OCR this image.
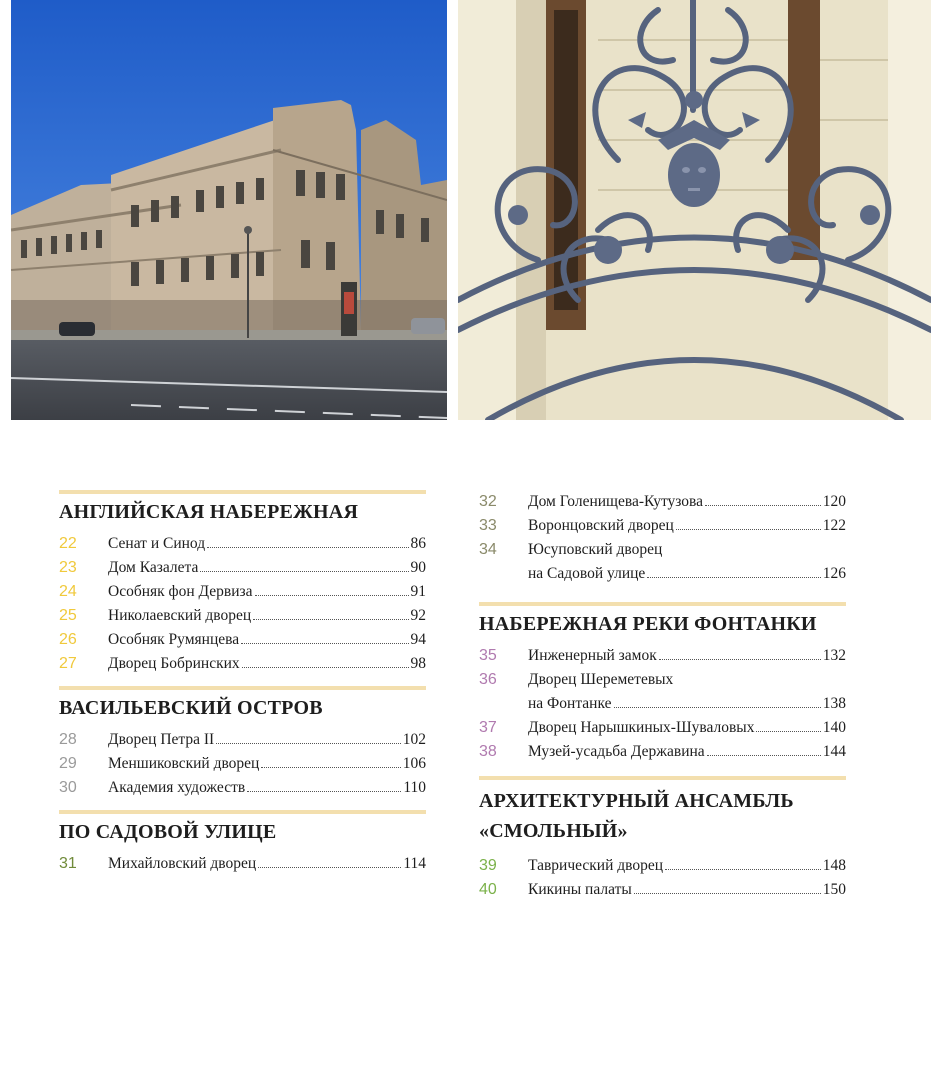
АНГЛИЙСКАЯ НАБЕРЕЖНАЯ
22	Сенат и Синод	86
23	Дом Казалета	90
24	Особняк фон Дервиза	91
25	Николаевский дворец	92
26	Особняк Румянцева	94
27	Дворец Бобринских	98
ВАСИЛЬЕВСКИЙ ОСТРОВ
28	Дворец Петра II	102
29	Меншиковский дворец	106
30	Академия художеств	110
ПО САДОВОЙ УЛИЦЕ
31	Михайловский дворец	114
32	Дом Голенищева-Кутузова	120
33	Воронцовский дворец	122
34	Юсуповский дворец
на Садовой улице	126
НАБЕРЕЖНАЯ РЕКИ ФОНТАНКИ
35	Инженерный замок	132
36	Дворец Шереметевых
на Фонтанке	138
37	Дворец Нарышкиных-Шуваловых	140
38	Музей-усадьба Державина	144
АРХИТЕКТУРНЫЙ АНСАМБЛЬ
«СМОЛЬНЫЙ»
39	Таврический дворец	148
40	Кикины палаты	150
